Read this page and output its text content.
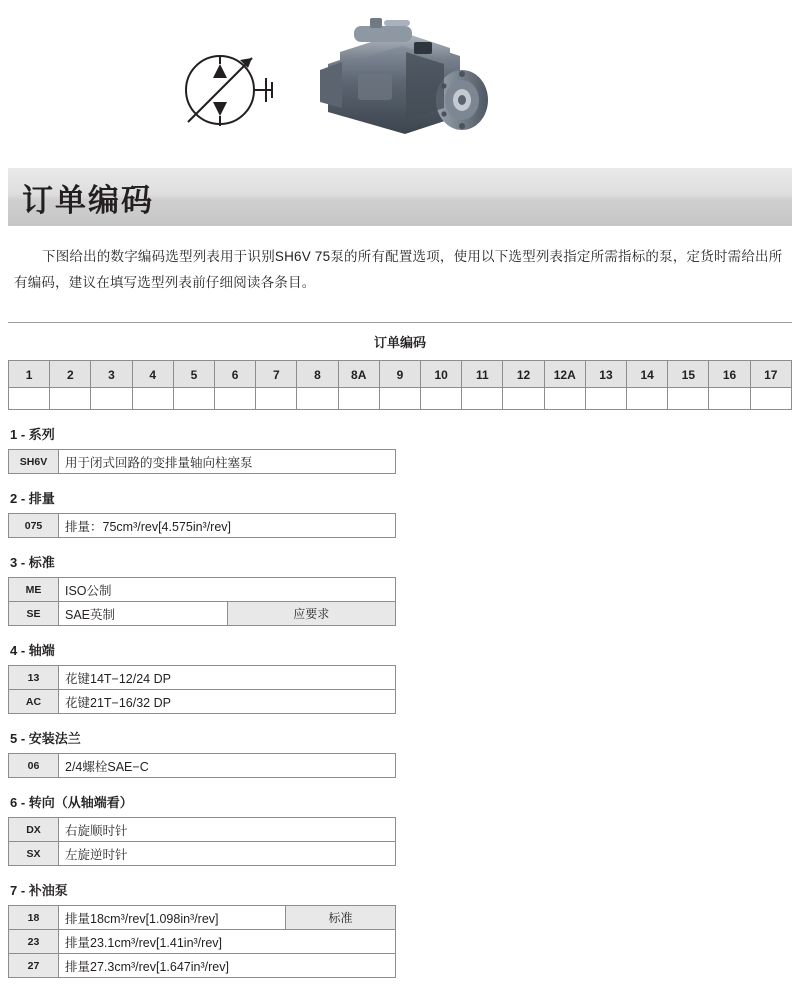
订单编码

下图给出的数字编码选型列表用于识别SH6V 75泵的所有配置选项，使用以下选型列表指定所需指标的泵，定货时需给出所有编码，建议在填写选型列表前仔细阅读各条目。

订单编码
1	2	3	4	5	6	7	8	8A	9	10	11	12	12A	13	14	15	16	17
1 - 系列
SH6V	用于闭式回路的变排量轴向柱塞泵
2 - 排量
075	排量：75cm³/rev[4.575in³/rev]
3 - 标准
ME	ISO公制	
SE	SAE英制	应要求
4 - 轴端
13	花键14T−12/24 DP
AC	花键21T−16/32 DP
5 - 安装法兰
06	2/4螺栓SAE−C
6 - 转向（从轴端看）
DX	右旋顺时针
SX	左旋逆时针
7 - 补油泵
18	排量18cm³/rev[1.098in³/rev]	标准
23	排量23.1cm³/rev[1.41in³/rev]	
27	排量27.3cm³/rev[1.647in³/rev]	
